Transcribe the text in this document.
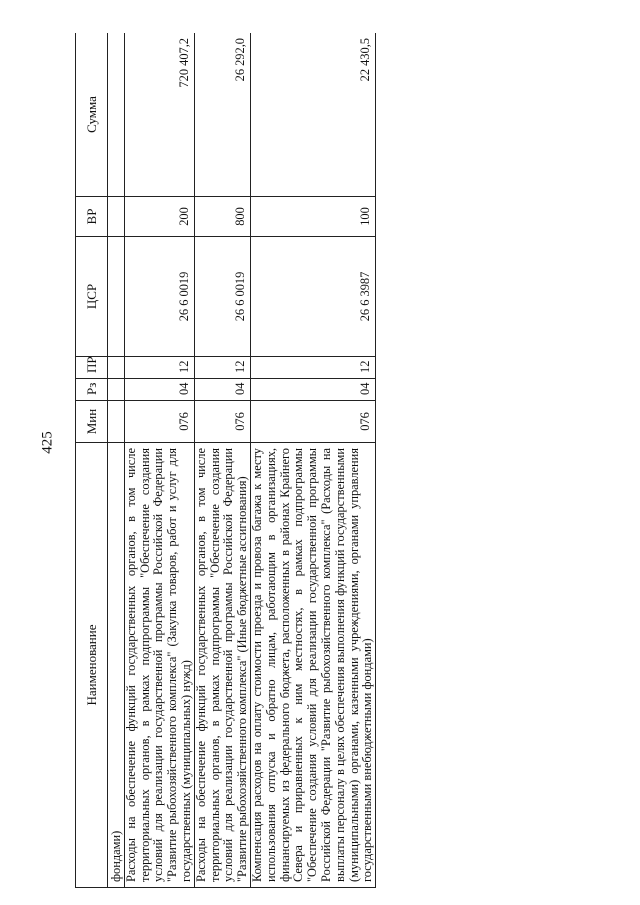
425
Наименование	Мин	Рз	ПР	ЦСР	ВР	Сумма
фондами)						
Расходы на обеспечение функций государственных органов, в том числе территориальных органов, в рамках подпрограммы "Обеспечение создания условий для реализации государственной программы Российской Федерации "Развитие рыбохозяйственного комплекса" (Закупка товаров, работ и услуг для государственных (муниципальных) нужд)	076	04	12	26 6 0019	200	720 407,2
Расходы на обеспечение функций государственных органов, в том числе территориальных органов, в рамках подпрограммы "Обеспечение создания условий для реализации государственной программы Российской Федерации "Развитие рыбохозяйственного комплекса" (Иные бюджетные ассигнования)	076	04	12	26 6 0019	800	26 292,0
Компенсация расходов на оплату стоимости проезда и провоза багажа к месту использования отпуска и обратно лицам, работающим в организациях, финансируемых из федерального бюджета, расположенных в районах Крайнего Севера и приравненных к ним местностях, в рамках подпрограммы "Обеспечение создания условий для реализации государственной программы Российской Федерации "Развитие рыбохозяйственного комплекса" (Расходы на выплаты персоналу в целях обеспечения выполнения функций государственными (муниципальными) органами, казенными учреждениями, органами управления государственными внебюджетными фондами)	076	04	12	26 6 3987	100	22 430,5
